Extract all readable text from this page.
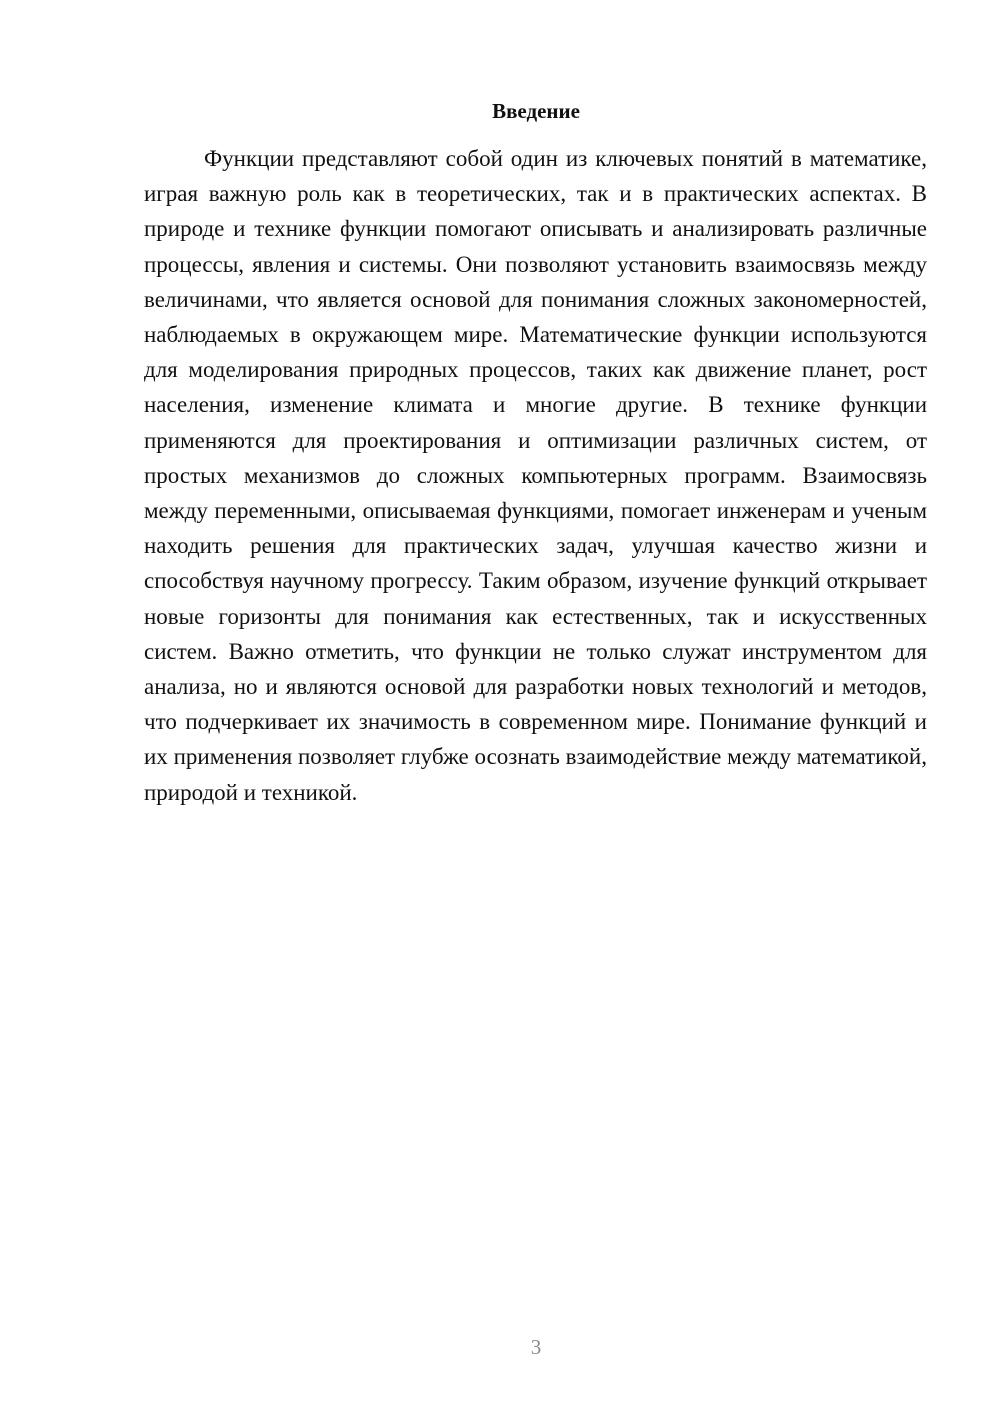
Введение

Функции представляют собой один из ключевых понятий в математике, играя важную роль как в теоретических, так и в практических аспектах. В природе и технике функции помогают описывать и анализировать различные процессы, явления и системы. Они позволяют установить взаимосвязь между величинами, что является основой для понимания сложных закономерностей, наблюдаемых в окружающем мире. Математические функции используются для моделирования природных процессов, таких как движение планет, рост населения, изменение климата и многие другие. В технике функции применяются для проектирования и оптимизации различных систем, от простых механизмов до сложных компьютерных программ. Взаимосвязь между переменными, описываемая функциями, помогает инженерам и ученым находить решения для практических задач, улучшая качество жизни и способствуя научному прогрессу. Таким образом, изучение функций открывает новые горизонты для понимания как естественных, так и искусственных систем. Важно отметить, что функции не только служат инструментом для анализа, но и являются основой для разработки новых технологий и методов, что подчеркивает их значимость в современном мире. Понимание функций и их применения позволяет глубже осознать взаимодействие между математикой, природой и техникой.

3
